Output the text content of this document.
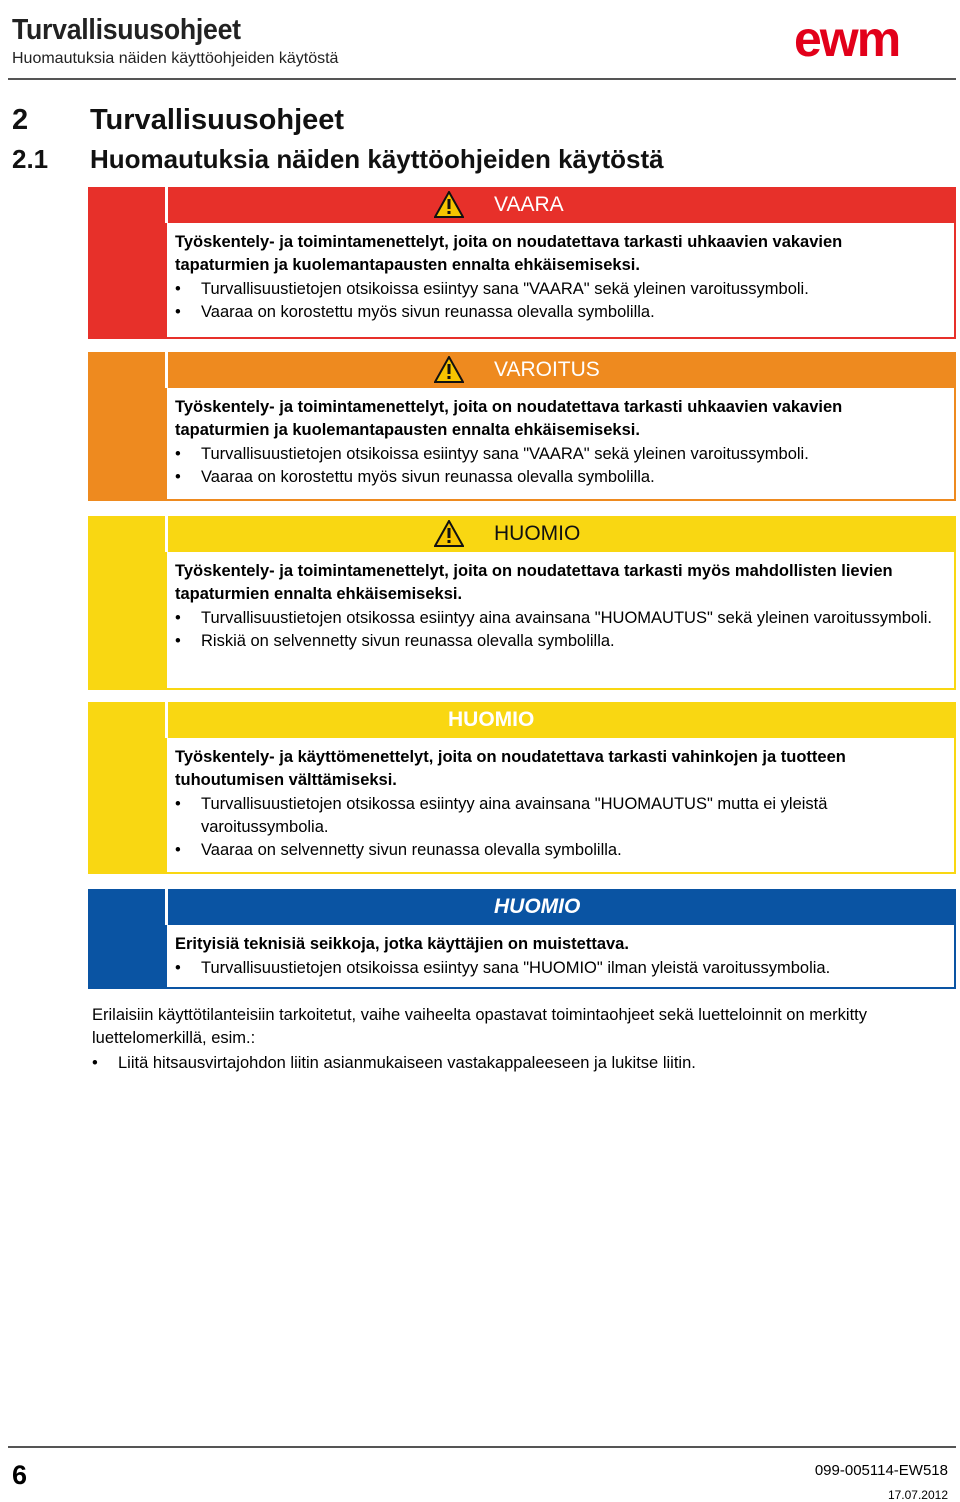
Turvallisuusohjeet
Huomautuksia näiden käyttöohjeiden käytöstä	ewm
2 Turvallisuusohjeet
2.1 Huomautuksia näiden käyttöohjeiden käytöstä
VAARA
Työskentely- ja toimintamenettelyt, joita on noudatettava tarkasti uhkaavien vakavien tapaturmien ja kuolemantapausten ennalta ehkäisemiseksi.
• Turvallisuustietojen otsikoissa esiintyy sana "VAARA" sekä yleinen varoitussymboli.
• Vaaraa on korostettu myös sivun reunassa olevalla symbolilla.
VAROITUS
Työskentely- ja toimintamenettelyt, joita on noudatettava tarkasti uhkaavien vakavien tapaturmien ja kuolemantapausten ennalta ehkäisemiseksi.
• Turvallisuustietojen otsikoissa esiintyy sana "VAARA" sekä yleinen varoitussymboli.
• Vaaraa on korostettu myös sivun reunassa olevalla symbolilla.
HUOMIO
Työskentely- ja toimintamenettelyt, joita on noudatettava tarkasti myös mahdollisten lievien tapaturmien ennalta ehkäisemiseksi.
• Turvallisuustietojen otsikossa esiintyy aina avainsana "HUOMAUTUS" sekä yleinen varoitussymboli.
• Riskiä on selvennetty sivun reunassa olevalla symbolilla.
HUOMIO
Työskentely- ja käyttömenettelyt, joita on noudatettava tarkasti vahinkojen ja tuotteen tuhoutumisen välttämiseksi.
• Turvallisuustietojen otsikossa esiintyy aina avainsana "HUOMAUTUS" mutta ei yleistä varoitussymbolia.
• Vaaraa on selvennetty sivun reunassa olevalla symbolilla.
HUOMIO
Erityisiä teknisiä seikkoja, jotka käyttäjien on muistettava.
• Turvallisuustietojen otsikoissa esiintyy sana "HUOMIO" ilman yleistä varoitussymbolia.
Erilaisiin käyttötilanteisiin tarkoitetut, vaihe vaiheelta opastavat toimintaohjeet sekä luetteloinnit on merkitty luettelomerkillä, esim.:
• Liitä hitsausvirtajohdon liitin asianmukaiseen vastakappaleeseen ja lukitse liitin.
6	099-005114-EW518
17.07.2012
